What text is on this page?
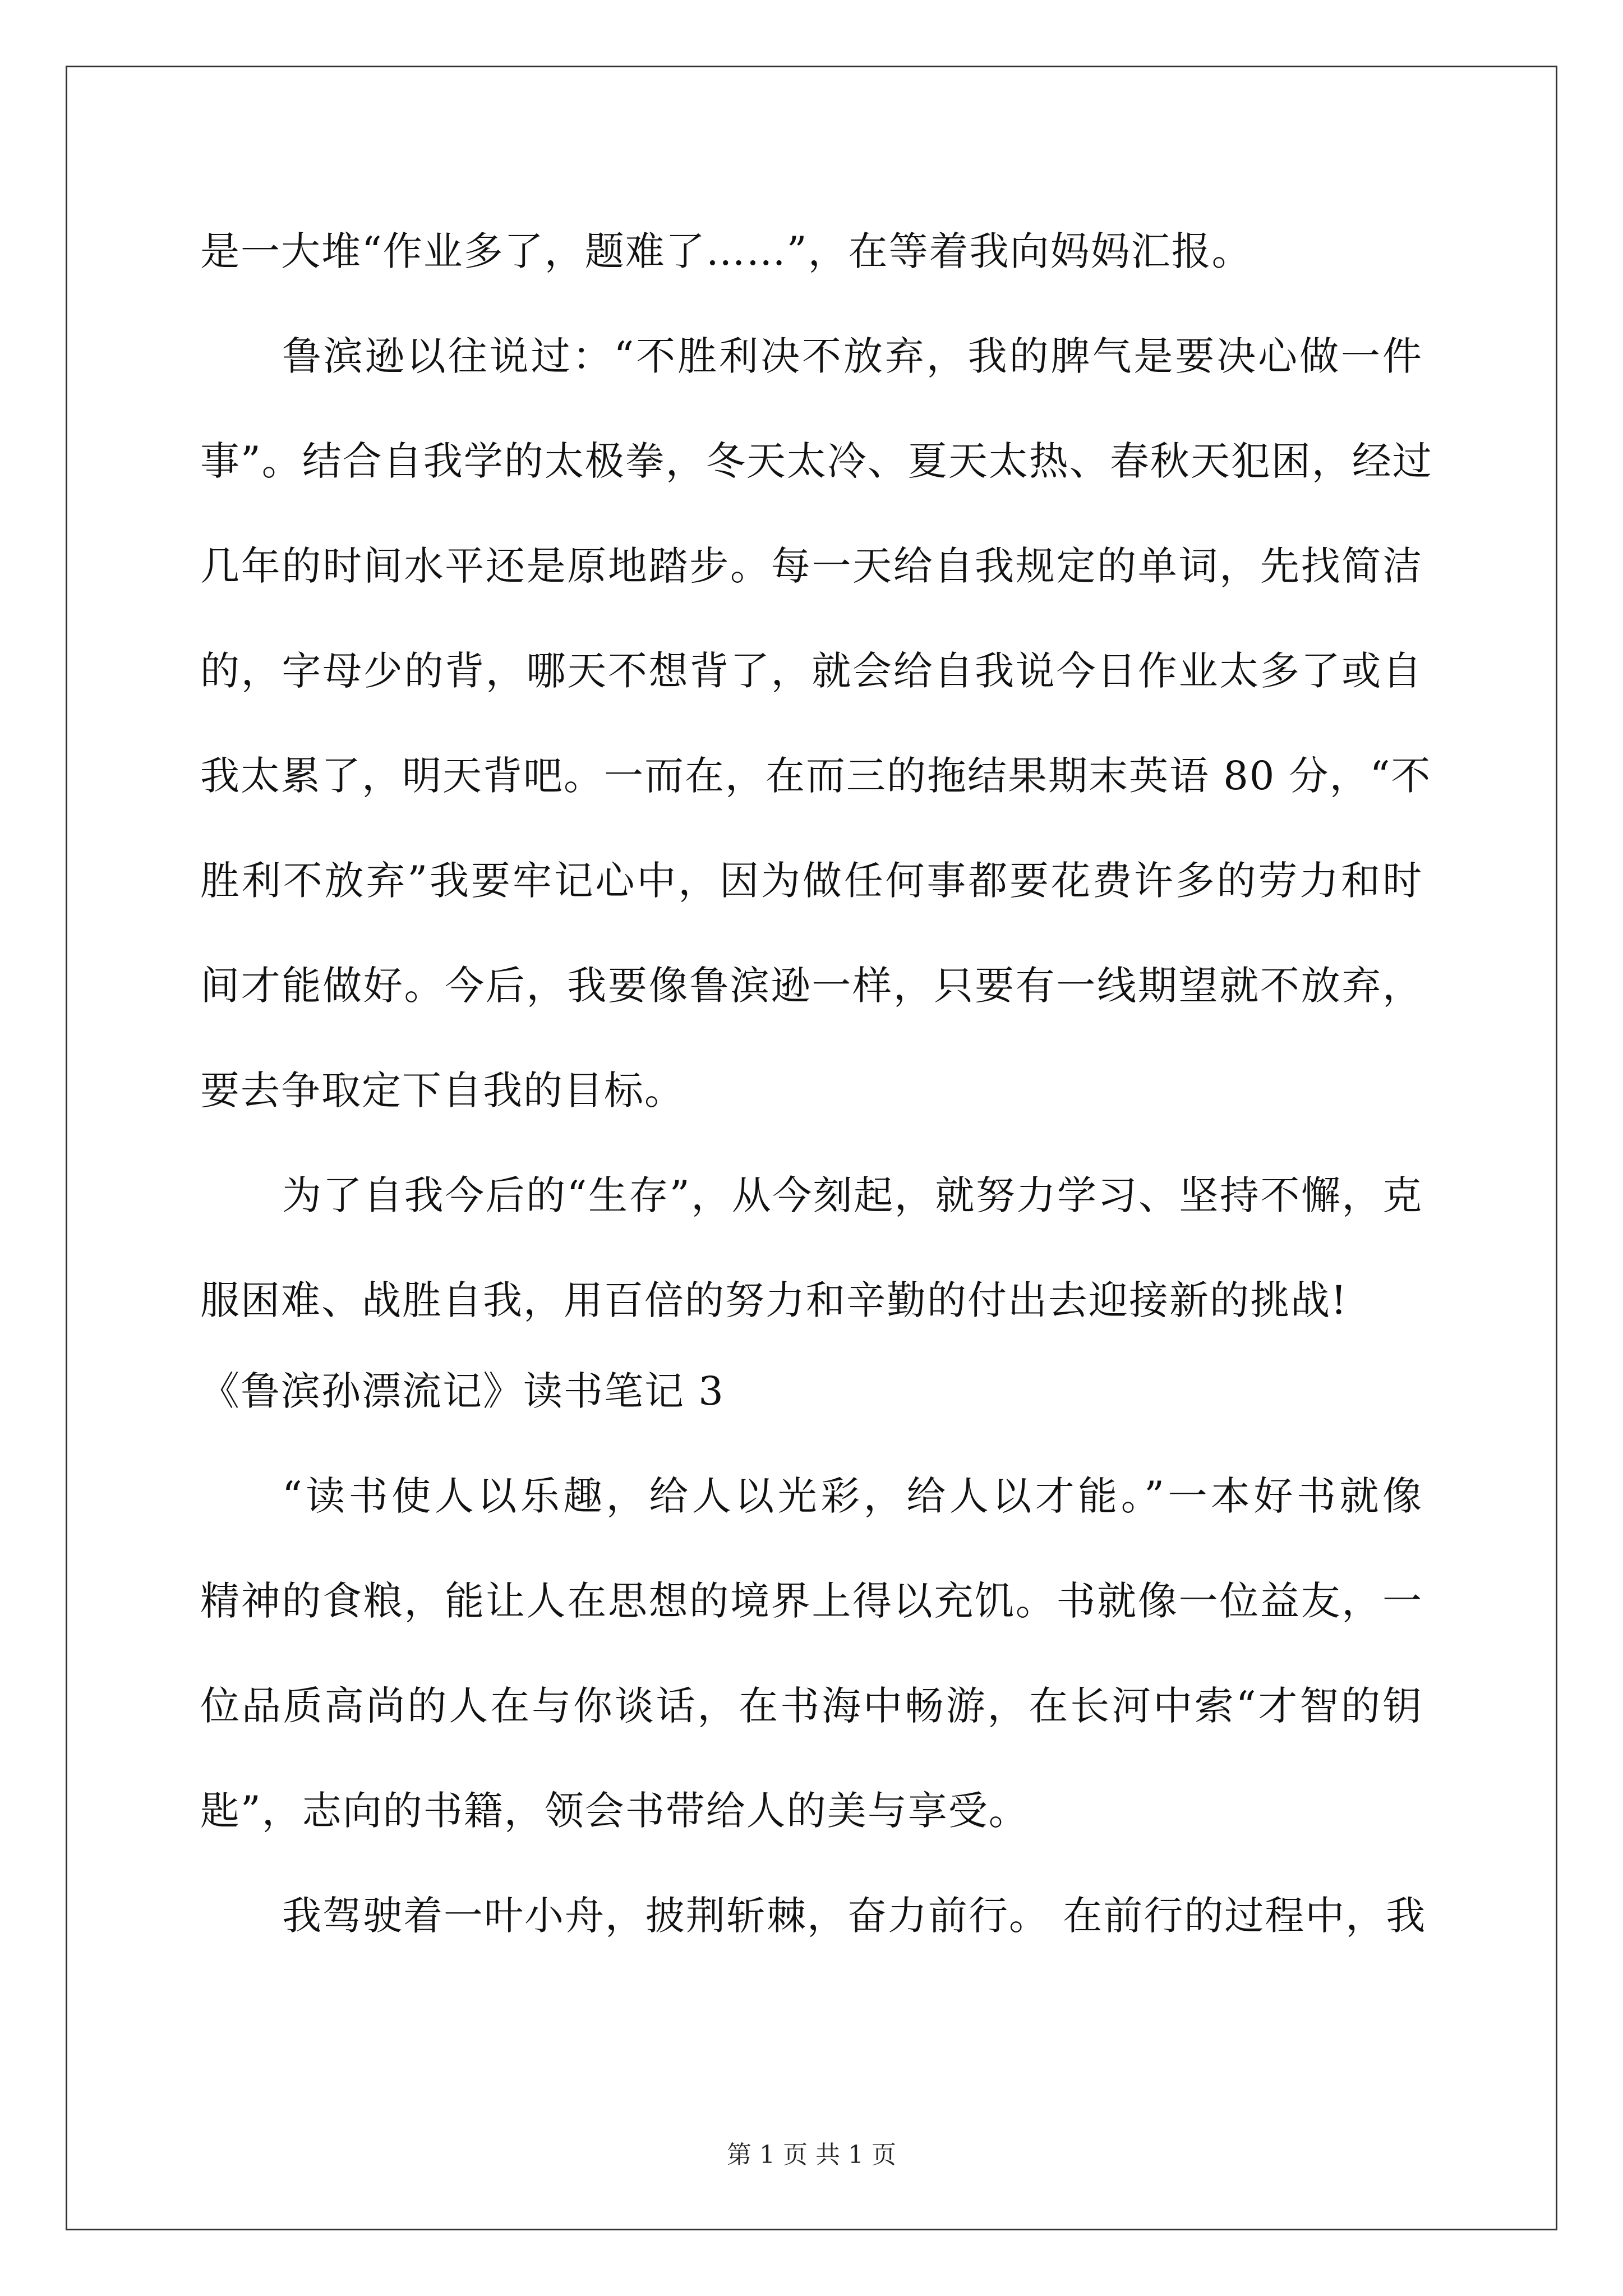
是一大堆“作业多了，题难了……”，在等着我向妈妈汇报。
鲁滨逊以往说过：“不胜利决不放弃，我的脾气是要决心做一件
事”。结合自我学的太极拳，冬天太冷、夏天太热、春秋天犯困，经过
几年的时间水平还是原地踏步。每一天给自我规定的单词，先找简洁
的，字母少的背，哪天不想背了，就会给自我说今日作业太多了或自
我太累了，明天背吧。一而在，在而三的拖结果期末英语 80 分，“不
胜利不放弃”我要牢记心中，因为做任何事都要花费许多的劳力和时
间才能做好。今后，我要像鲁滨逊一样，只要有一线期望就不放弃，
要去争取定下自我的目标。
为了自我今后的“生存”，从今刻起，就努力学习、坚持不懈，克
服困难、战胜自我，用百倍的努力和辛勤的付出去迎接新的挑战!
《鲁滨孙漂流记》读书笔记 3
“读书使人以乐趣，给人以光彩，给人以才能。”一本好书就像
精神的食粮，能让人在思想的境界上得以充饥。书就像一位益友，一
位品质高尚的人在与你谈话，在书海中畅游，在长河中索“才智的钥
匙”，志向的书籍，领会书带给人的美与享受。
我驾驶着一叶小舟，披荆斩棘，奋力前行。 在前行的过程中，我
第 1 页 共 1 页
